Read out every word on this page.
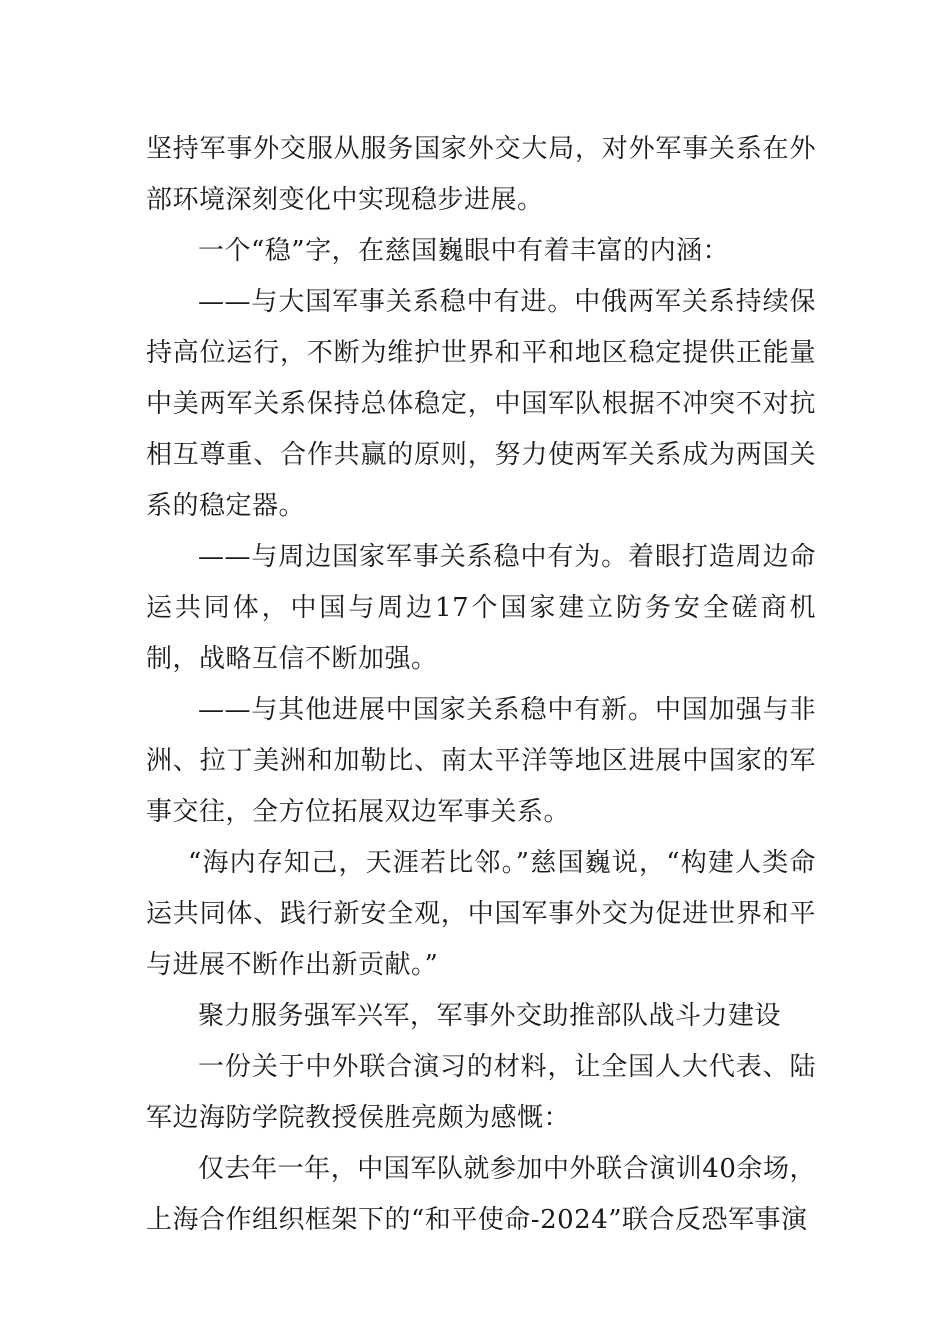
坚持军事外交服从服务国家外交大局，对外军事关系在外部环境深刻变化中实现稳步进展。

一个“稳”字，在慈国巍眼中有着丰富的内涵：

——与大国军事关系稳中有进。中俄两军关系持续保持高位运行，不断为维护世界和平和地区稳定提供正能量中美两军关系保持总体稳定，中国军队根据不冲突不对抗相互尊重、合作共赢的原则，努力使两军关系成为两国关系的稳定器。

——与周边国家军事关系稳中有为。着眼打造周边命运共同体，中国与周边17个国家建立防务安全磋商机制，战略互信不断加强。

——与其他进展中国家关系稳中有新。中国加强与非洲、拉丁美洲和加勒比、南太平洋等地区进展中国家的军事交往，全方位拓展双边军事关系。

“海内存知己，天涯若比邻。”慈国巍说，“构建人类命运共同体、践行新安全观，中国军事外交为促进世界和平与进展不断作出新贡献。”

聚力服务强军兴军，军事外交助推部队战斗力建设

一份关于中外联合演习的材料，让全国人大代表、陆军边海防学院教授侯胜亮颇为感慨：

仅去年一年，中国军队就参加中外联合演训40余场，上海合作组织框架下的“和平使命-2024”联合反恐军事演
